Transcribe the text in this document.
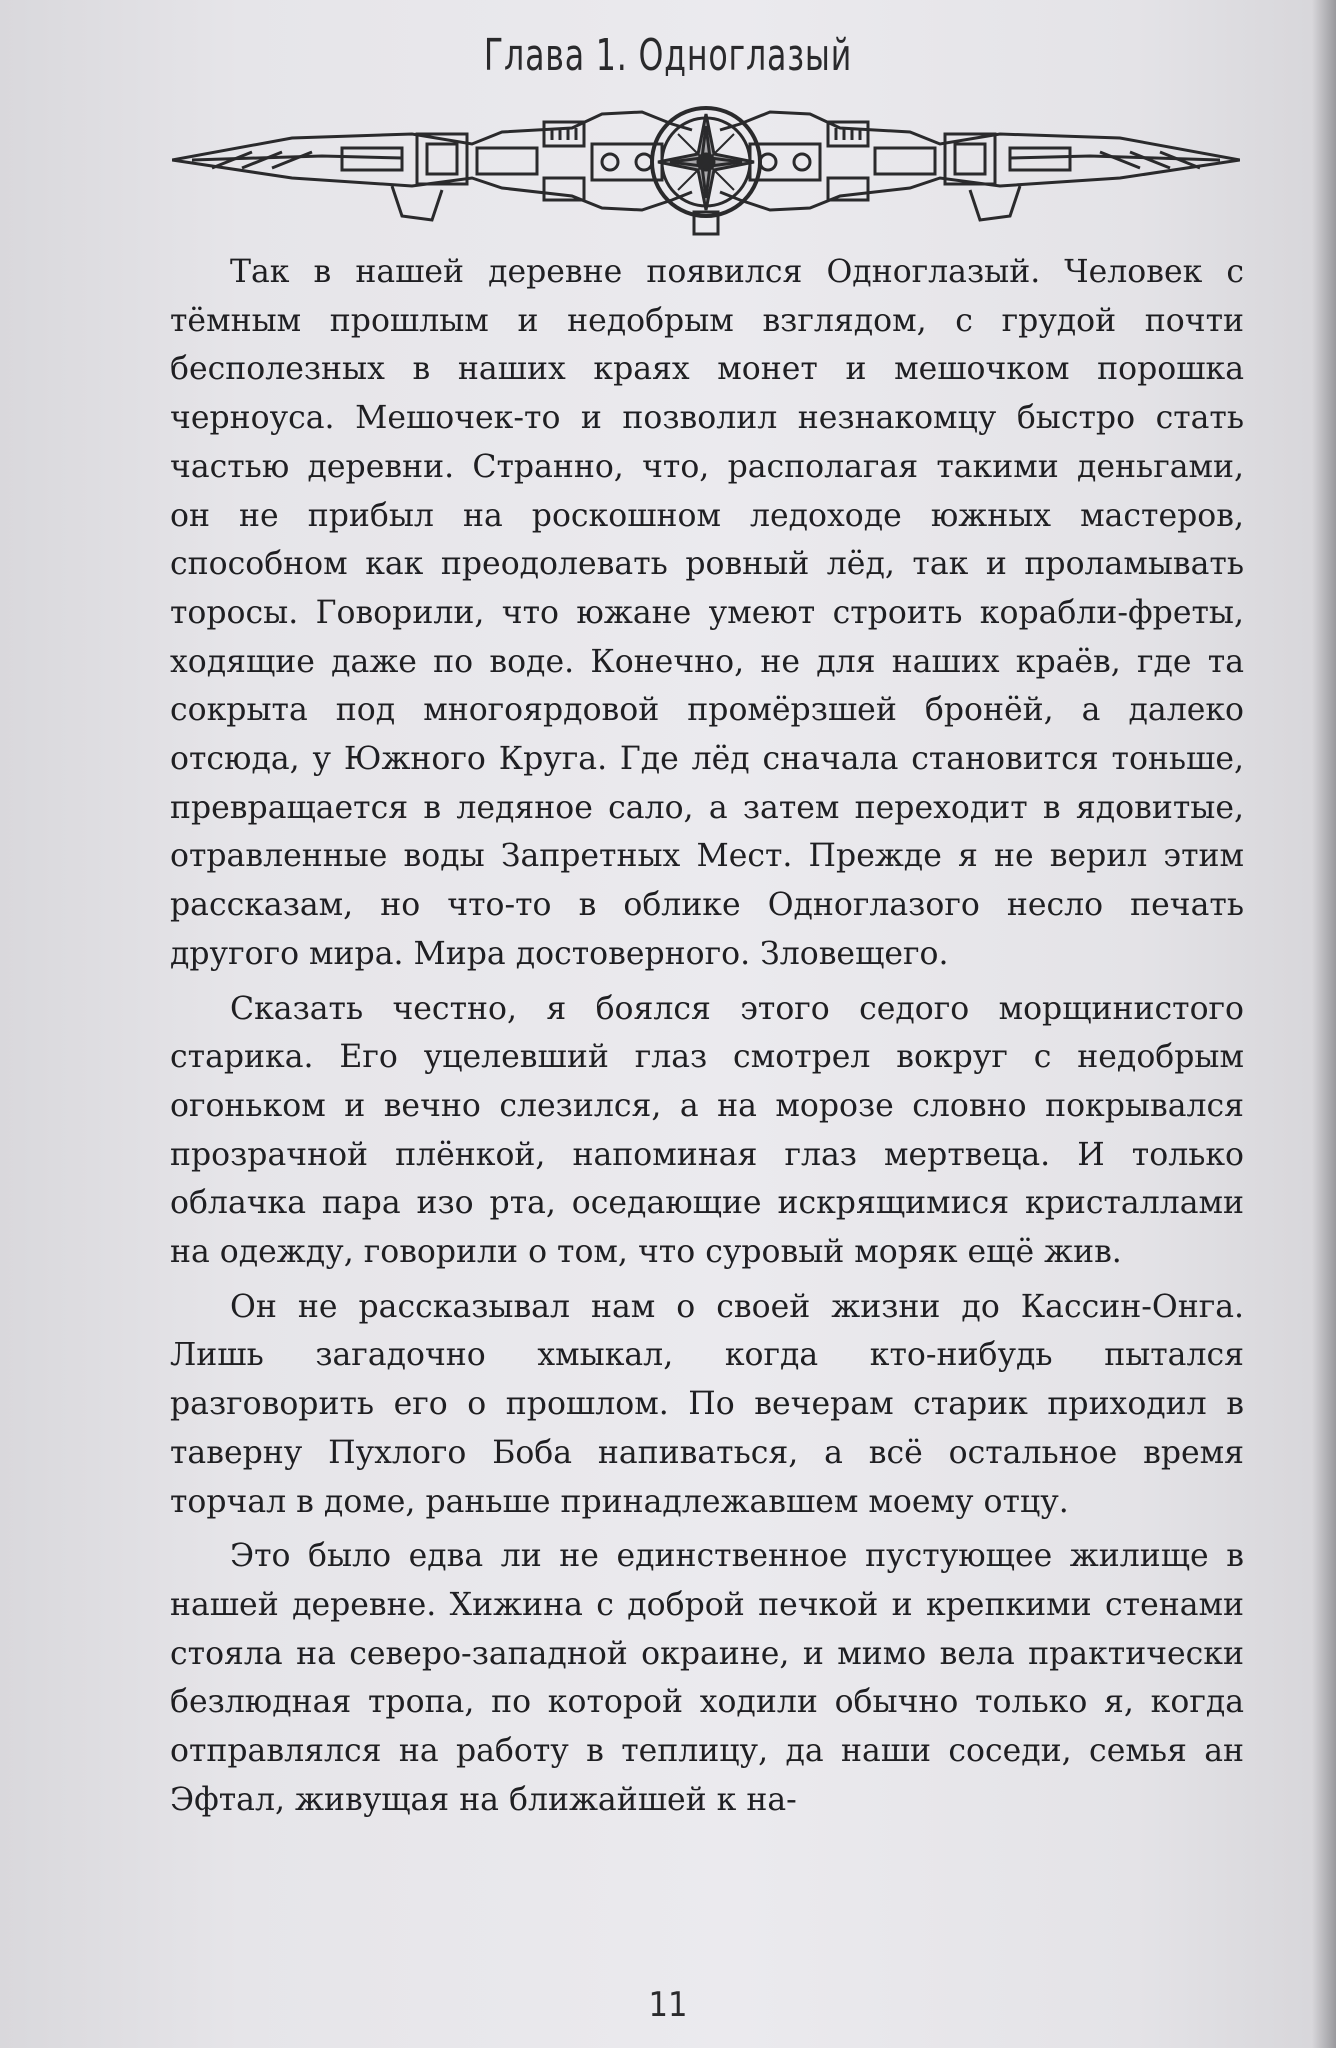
Глава 1. Одноглазый

Так в нашей деревне появился Одноглазый. Человек с тёмным прошлым и недобрым взглядом, с грудой почти бесполезных в наших краях монет и мешочком порошка черноуса. Мешочек-то и позволил незнакомцу быстро стать частью деревни. Странно, что, располагая такими деньгами, он не прибыл на роскошном ледоходе южных мастеров, способном как преодолевать ровный лёд, так и проламывать торосы. Говорили, что южане умеют строить корабли-фреты, ходящие даже по воде. Конечно, не для наших краёв, где та сокрыта под многоярдовой промёрзшей бронёй, а далеко отсюда, у Южного Круга. Где лёд сначала становится тоньше, превращается в ледяное сало, а затем переходит в ядовитые, отравленные воды Запретных Мест. Прежде я не верил этим рассказам, но что-то в облике Одноглазого несло печать другого мира. Мира достоверного. Зловещего.

Сказать честно, я боялся этого седого морщинистого старика. Его уцелевший глаз смотрел вокруг с недобрым огоньком и вечно слезился, а на морозе словно покрывался прозрачной плёнкой, напоминая глаз мертвеца. И только облачка пара изо рта, оседающие искрящимися кристаллами на одежду, говорили о том, что суровый моряк ещё жив.

Он не рассказывал нам о своей жизни до Кассин-Онга. Лишь загадочно хмыкал, когда кто-нибудь пытался разговорить его о прошлом. По вечерам старик приходил в таверну Пухлого Боба напиваться, а всё остальное время торчал в доме, раньше принадлежавшем моему отцу.

Это было едва ли не единственное пустующее жилище в нашей деревне. Хижина с доброй печкой и крепкими стенами стояла на северо-западной окраине, и мимо вела практически безлюдная тропа, по которой ходили обычно только я, когда отправлялся на работу в теплицу, да наши соседи, семья ан Эфтал, живущая на ближайшей к на-

11
